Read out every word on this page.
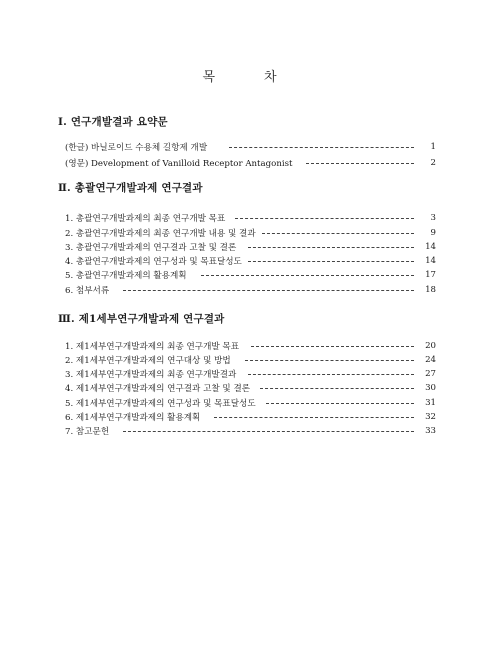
목	차
Ⅰ. 연구개발결과 요약문
(한글) 바닐로이드 수용체 길항제 개발	1
(영문) Development of Vanilloid Receptor Antagonist	2
Ⅱ. 총괄연구개발과제 연구결과
1. 총괄연구개발과제의 최종 연구개발 목표	3
2. 총괄연구개발과제의 최종 연구개발 내용 및 결과	9
3. 총괄연구개발과제의 연구결과 고찰 및 결론	14
4. 총괄연구개발과제의 연구성과 및 목표달성도	14
5. 총괄연구개발과제의 활용계획	17
6. 첨부서류	18
Ⅲ. 제1세부연구개발과제 연구결과
1. 제1세부연구개발과제의 최종 연구개발 목표	20
2. 제1세부연구개발과제의 연구대상 및 방법	24
3. 제1세부연구개발과제의 최종 연구개발결과	27
4. 제1세부연구개발과제의 연구결과 고찰 및 결론	30
5. 제1세부연구개발과제의 연구성과 및 목표달성도	31
6. 제1세부연구개발과제의 활용계획	32
7. 참고문헌	33
